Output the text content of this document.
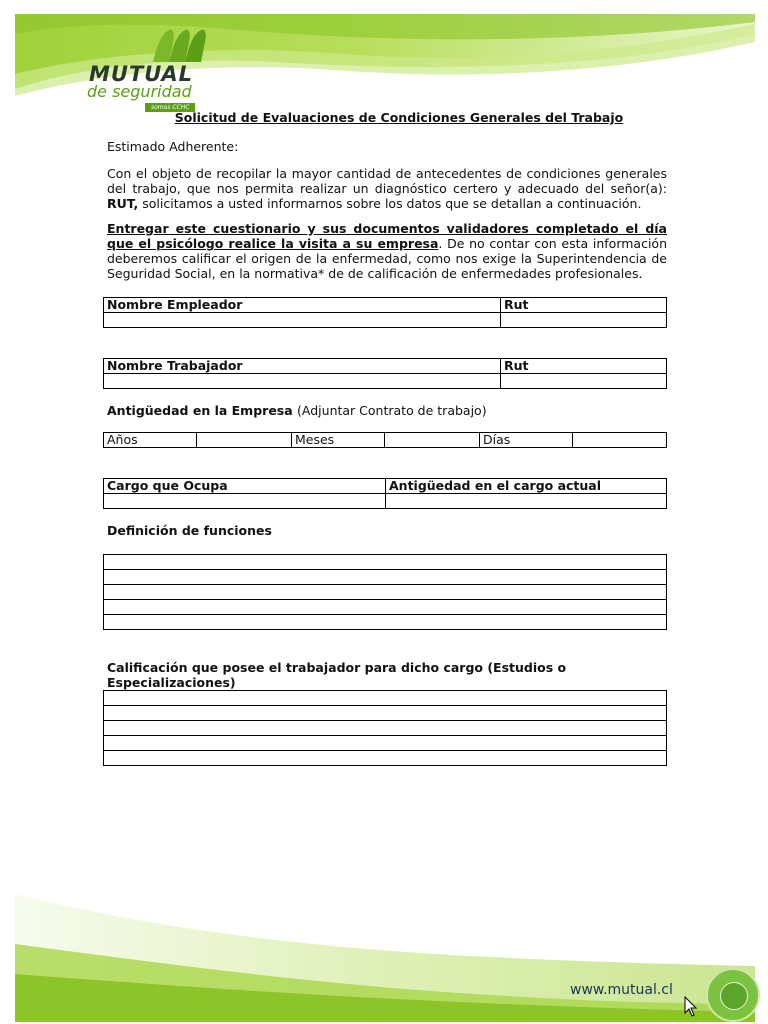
MUTUAL
de seguridad
somos CCHC

Solicitud de Evaluaciones de Condiciones Generales del Trabajo

Estimado Adherente:

Con el objeto de recopilar la mayor cantidad de antecedentes de condiciones generales del trabajo, que nos permita realizar un diagnóstico certero y adecuado del señor(a): RUT, solicitamos a usted informarnos sobre los datos que se detallan a continuación.

Entregar este cuestionario y sus documentos validadores completado el día que el psicólogo realice la visita a su empresa. De no contar con esta información deberemos calificar el origen de la enfermedad, como nos exige la Superintendencia de Seguridad Social, en la normativa* de de calificación de enfermedades profesionales.

Nombre Empleador	Rut

Nombre Trabajador	Rut

Antigüedad en la Empresa (Adjuntar Contrato de trabajo)

Años		Meses		Días	
Cargo que Ocupa	Antigüedad en el cargo actual

Definición de funciones

Calificación que posee el trabajador para dicho cargo (Estudios o Especializaciones)

www.mutual.cl
